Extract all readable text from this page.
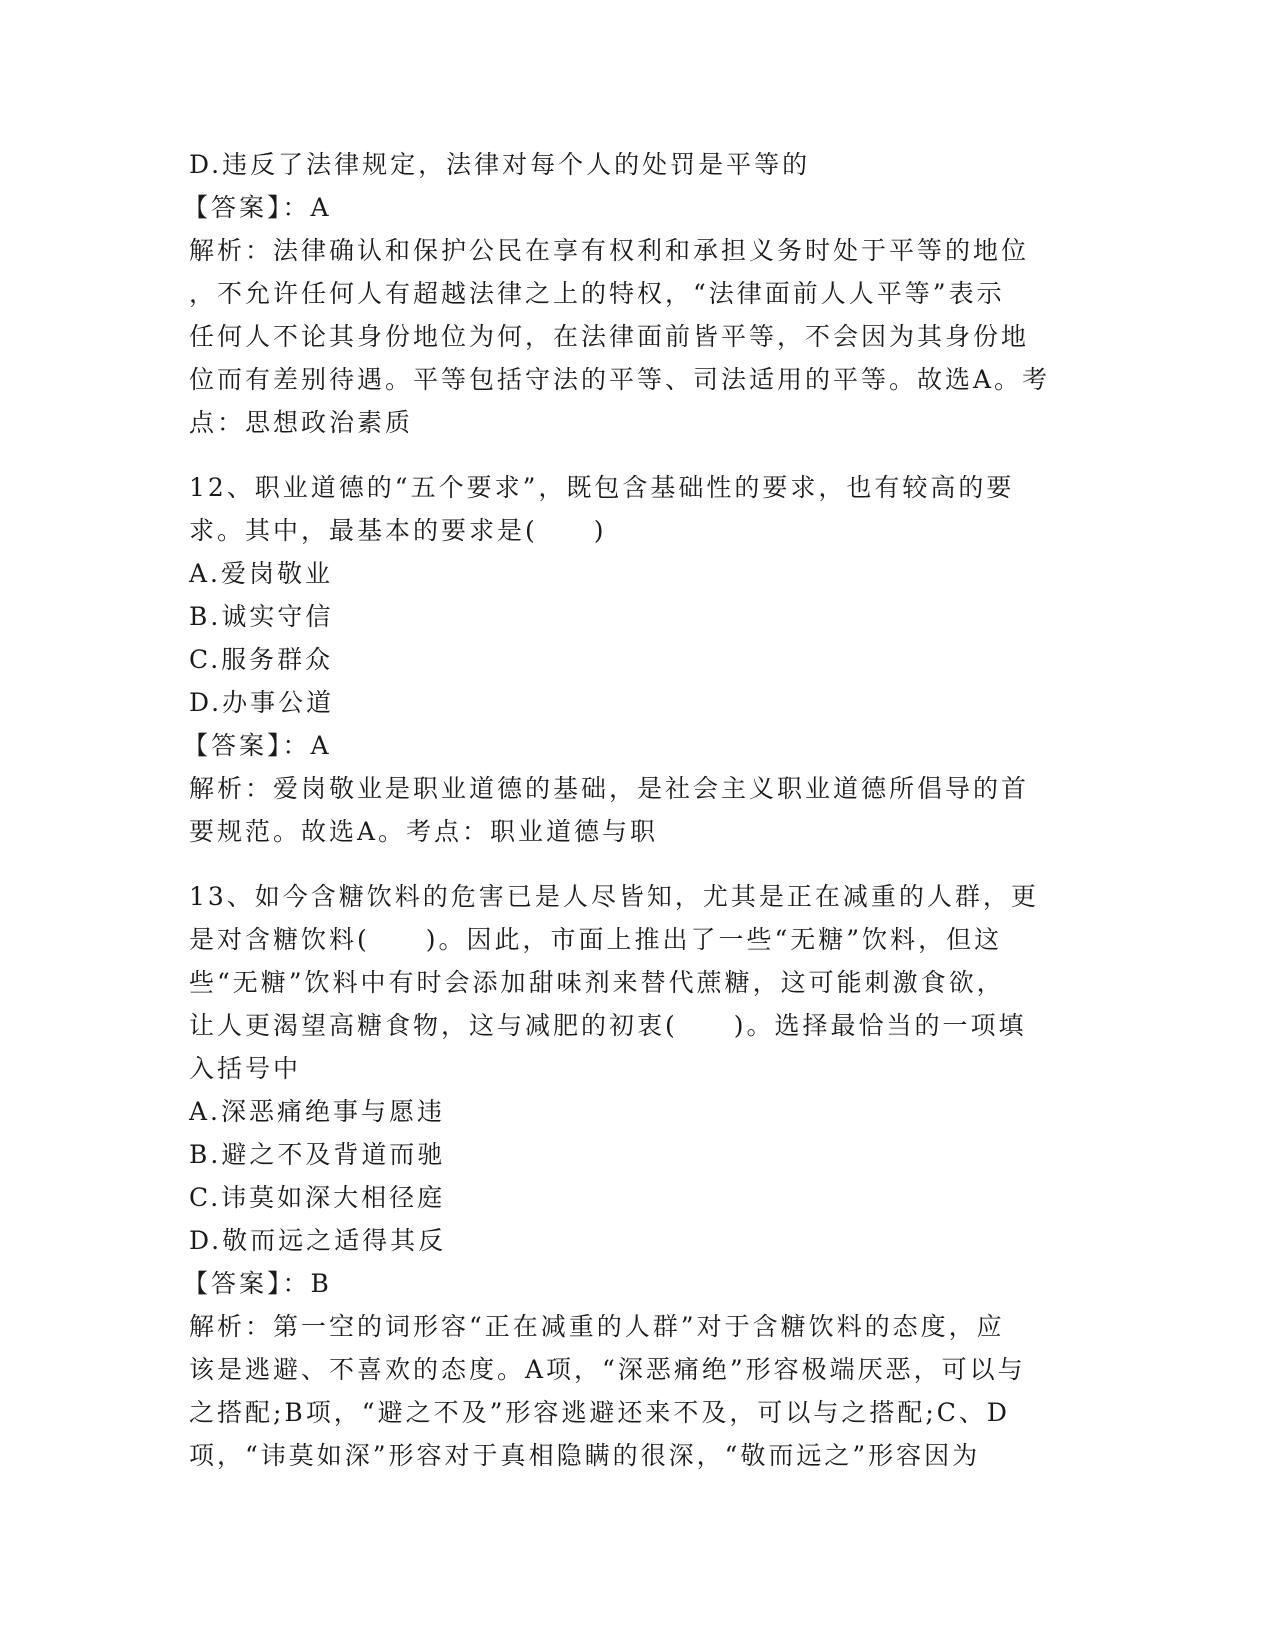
D.违反了法律规定，法律对每个人的处罚是平等的
【答案】：A
解析：法律确认和保护公民在享有权利和承担义务时处于平等的地位
，不允许任何人有超越法律之上的特权，“法律面前人人平等”表示
任何人不论其身份地位为何，在法律面前皆平等，不会因为其身份地
位而有差别待遇。平等包括守法的平等、司法适用的平等。故选A。考
点：思想政治素质
12、职业道德的“五个要求”，既包含基础性的要求，也有较高的要
求。其中，最基本的要求是(　　)
A.爱岗敬业
B.诚实守信
C.服务群众
D.办事公道
【答案】：A
解析：爱岗敬业是职业道德的基础，是社会主义职业道德所倡导的首
要规范。故选A。考点：职业道德与职
13、如今含糖饮料的危害已是人尽皆知，尤其是正在减重的人群，更
是对含糖饮料(　　)。因此，市面上推出了一些“无糖”饮料，但这
些“无糖”饮料中有时会添加甜味剂来替代蔗糖，这可能刺激食欲，
让人更渴望高糖食物，这与减肥的初衷(　　)。选择最恰当的一项填
入括号中
A.深恶痛绝事与愿违
B.避之不及背道而驰
C.讳莫如深大相径庭
D.敬而远之适得其反
【答案】：B
解析：第一空的词形容“正在减重的人群”对于含糖饮料的态度，应
该是逃避、不喜欢的态度。A项，“深恶痛绝”形容极端厌恶，可以与
之搭配;B项，“避之不及”形容逃避还来不及，可以与之搭配;C、D
项，“讳莫如深”形容对于真相隐瞒的很深，“敬而远之”形容因为
